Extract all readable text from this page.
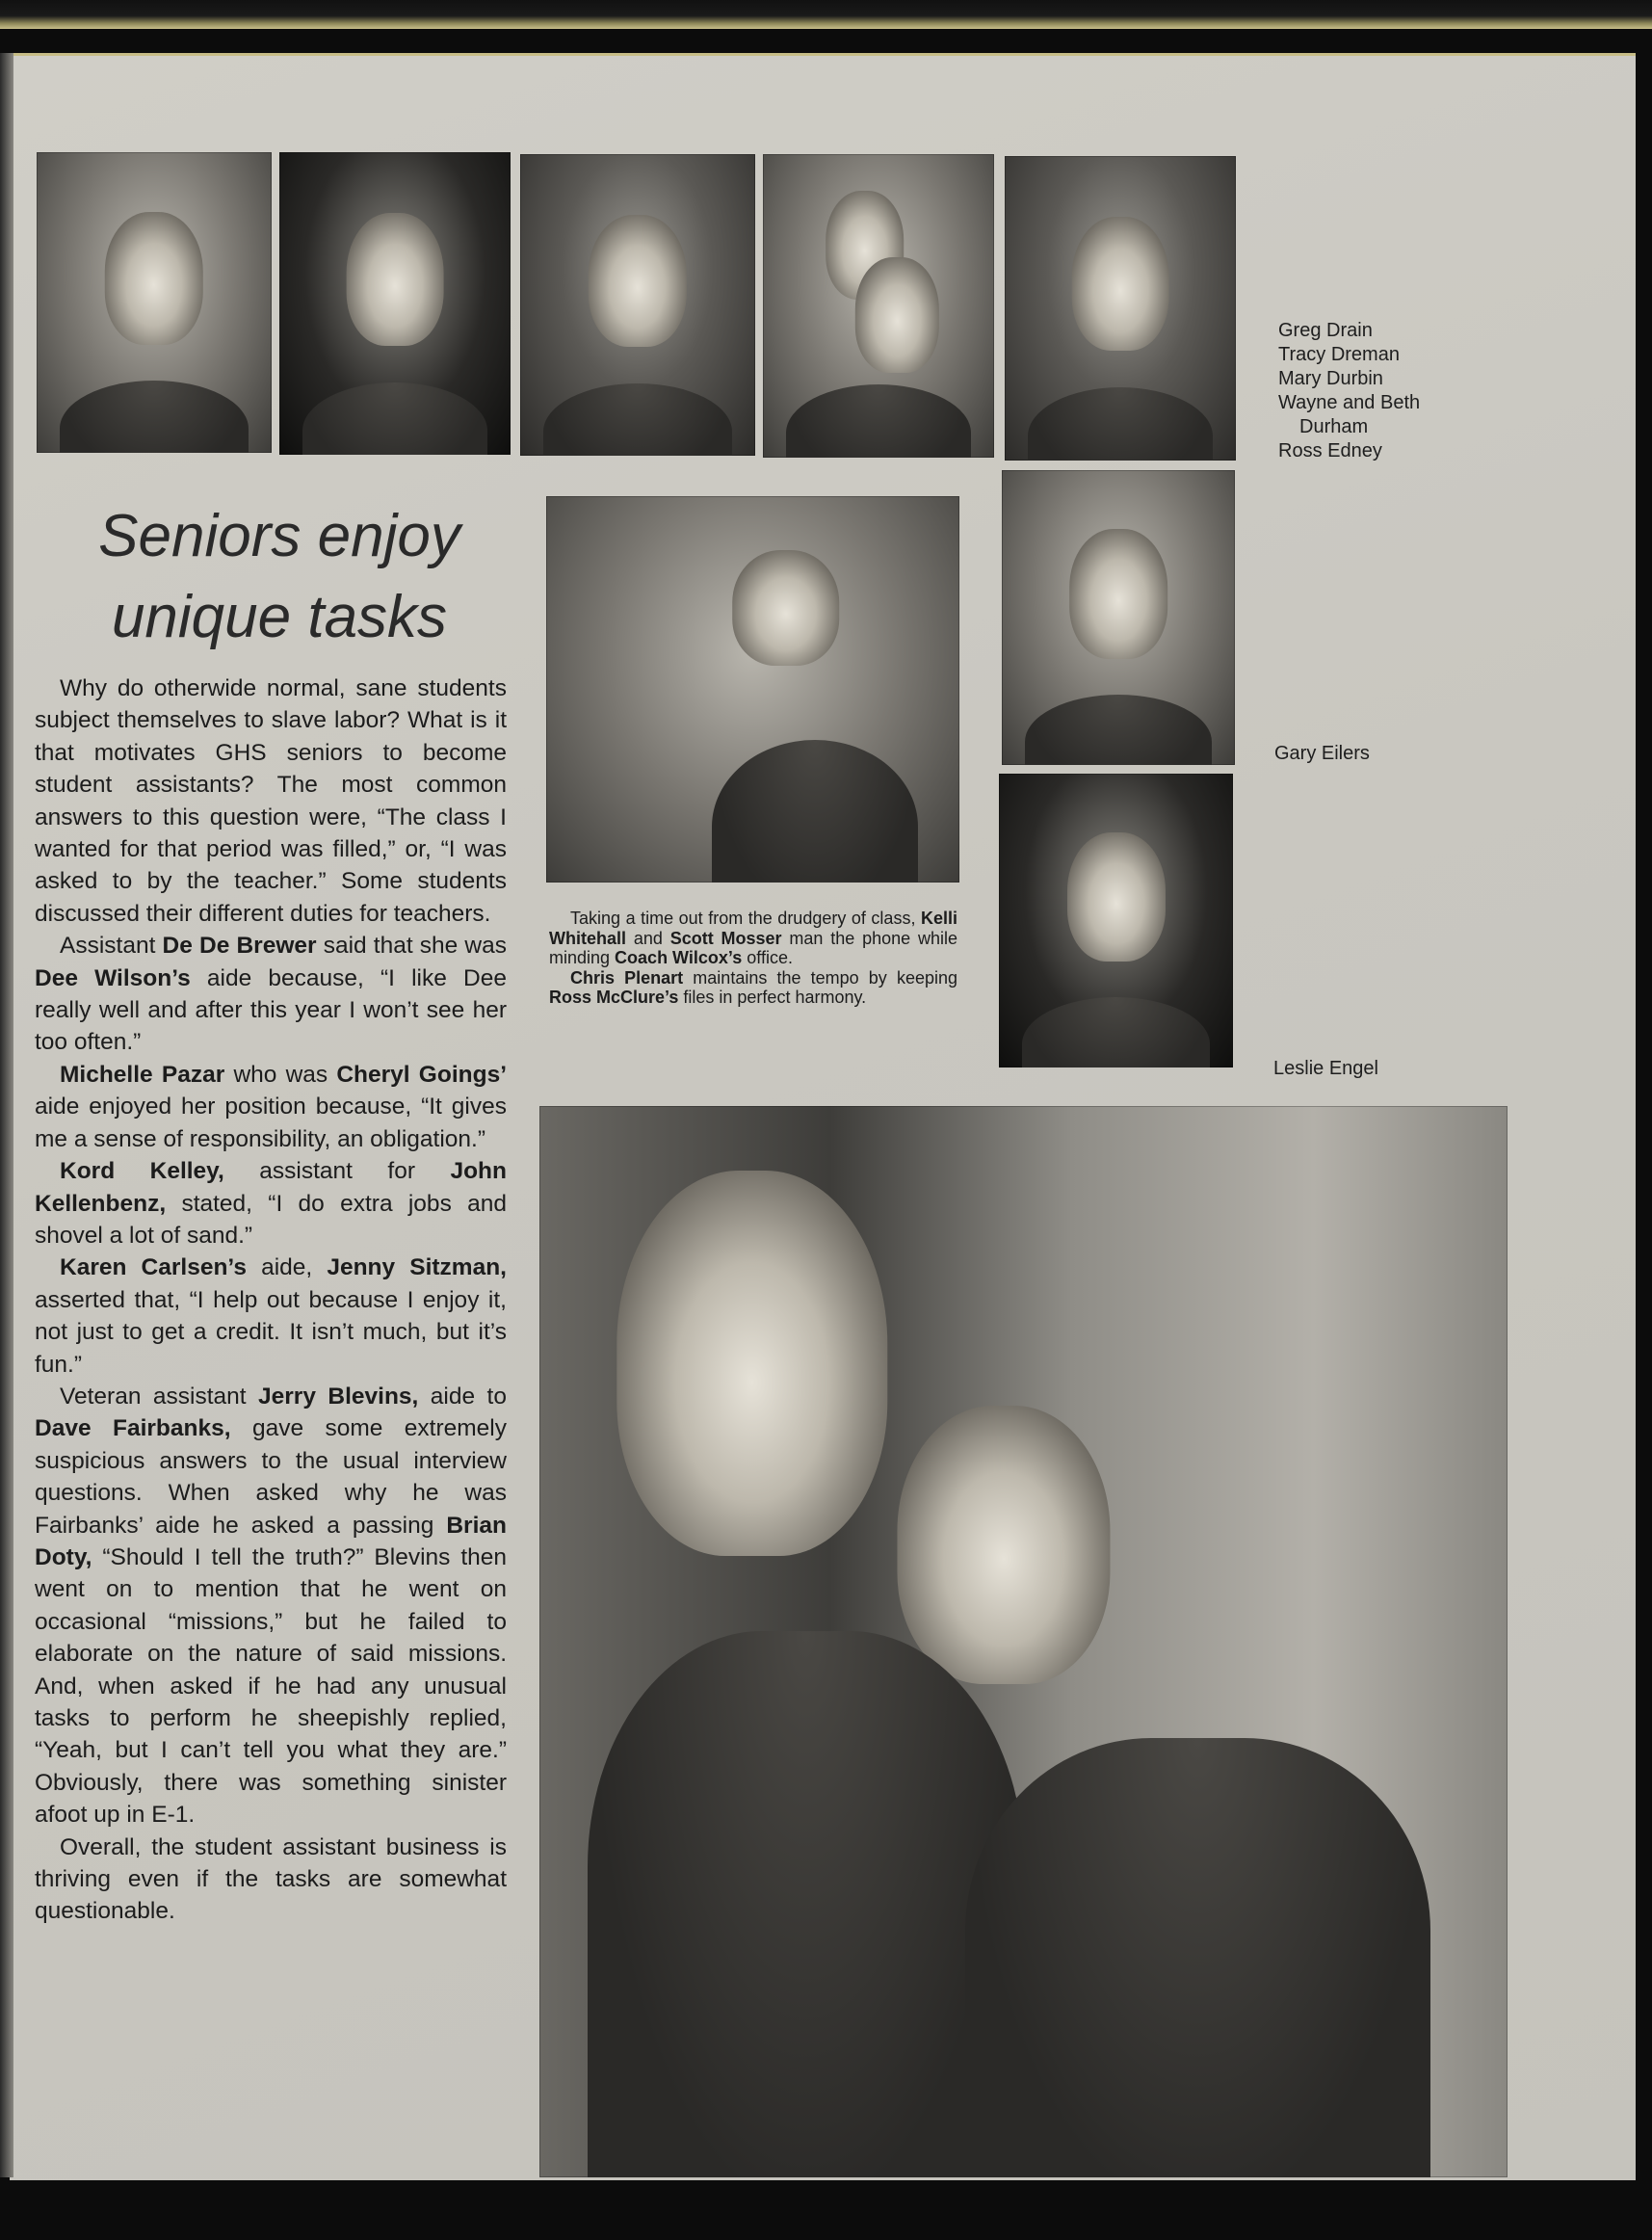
Greg Drain
Tracy Dreman
Mary Durbin
Wayne and Beth
Durham
Ross Edney
Gary Eilers
Leslie Engel
Seniors enjoy
unique tasks

Why do otherwide normal, sane students subject themselves to slave labor? What is it that motivates GHS seniors to become student assistants? The most common answers to this question were, “The class I wanted for that period was filled,” or, “I was asked to by the teacher.” Some students discussed their different duties for teachers.

Assistant De De Brewer said that she was Dee Wilson’s aide because, “I like Dee really well and after this year I won’t see her too often.”

Michelle Pazar who was Cheryl Goings’ aide enjoyed her position because, “It gives me a sense of responsibility, an obligation.”

Kord Kelley, assistant for John Kellenbenz, stated, “I do extra jobs and shovel a lot of sand.”

Karen Carlsen’s aide, Jenny Sitzman, asserted that, “I help out because I enjoy it, not just to get a credit. It isn’t much, but it’s fun.”

Veteran assistant Jerry Blevins, aide to Dave Fairbanks, gave some extremely suspicious answers to the usual interview questions. When asked why he was Fairbanks’ aide he asked a passing Brian Doty, “Should I tell the truth?” Blevins then went on to mention that he went on occasional “missions,” but he failed to elaborate on the nature of said missions. And, when asked if he had any unusual tasks to perform he sheepishly replied, “Yeah, but I can’t tell you what they are.” Obviously, there was something sinister afoot up in E-1.

Overall, the student assistant business is thriving even if the tasks are somewhat questionable.

Taking a time out from the drudgery of class, Kelli Whitehall and Scott Mosser man the phone while minding Coach Wilcox’s office.

Chris Plenart maintains the tempo by keeping Ross McClure’s files in perfect harmony.
